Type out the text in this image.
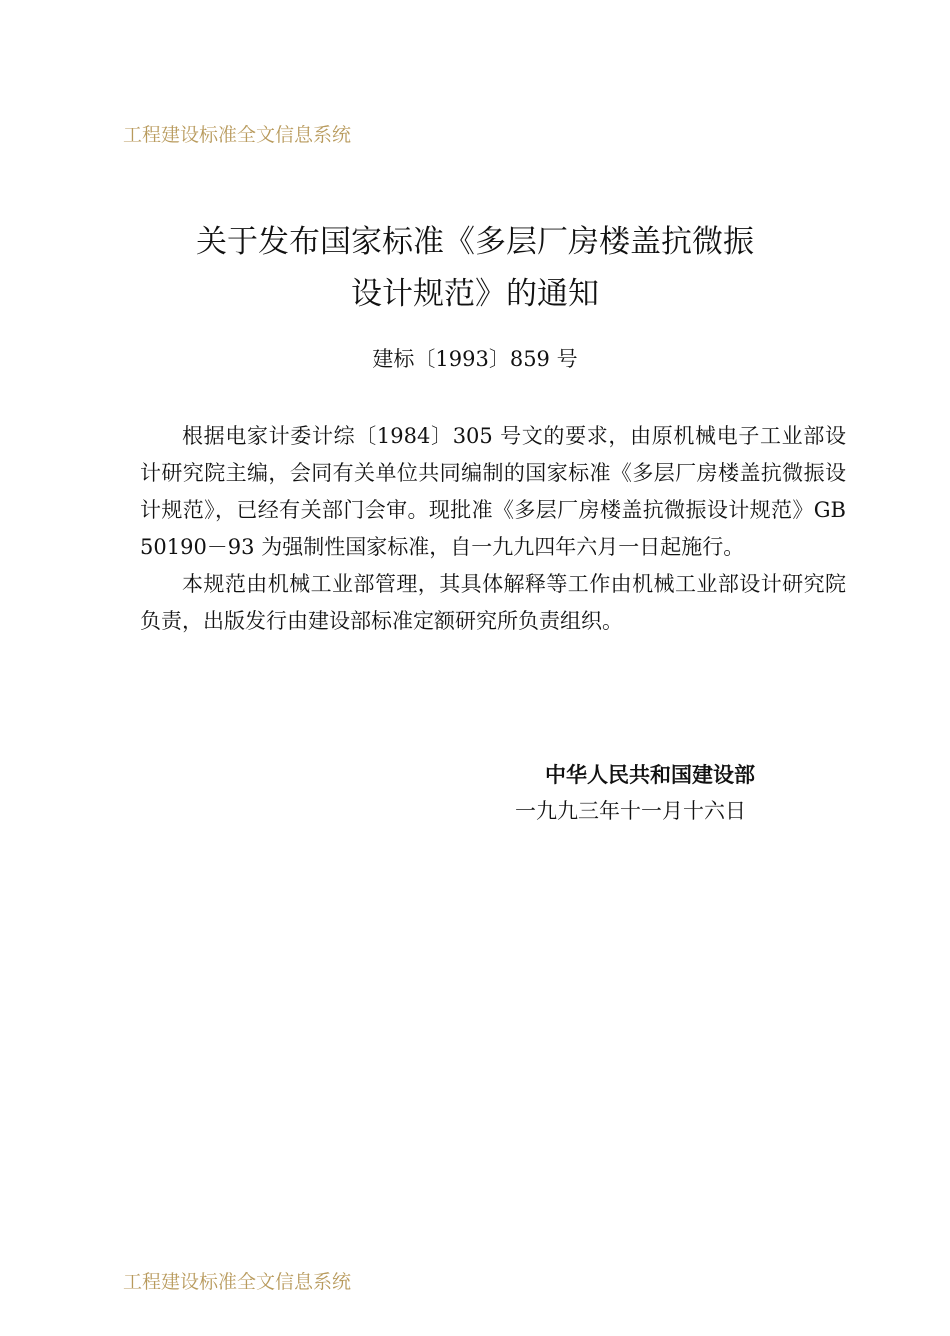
工程建设标准全文信息系统
关于发布国家标准《多层厂房楼盖抗微振
设计规范》的通知
建标〔1993〕859 号

根据电家计委计综〔1984〕305 号文的要求，由原机械电子工业部设计研究院主编，会同有关单位共同编制的国家标准《多层厂房楼盖抗微振设计规范》，已经有关部门会审。现批准《多层厂房楼盖抗微振设计规范》GB 50190－93 为强制性国家标准，自一九九四年六月一日起施行。

本规范由机械工业部管理，其具体解释等工作由机械工业部设计研究院负责，出版发行由建设部标准定额研究所负责组织。

中华人民共和国建设部
一九九三年十一月十六日
工程建设标准全文信息系统
